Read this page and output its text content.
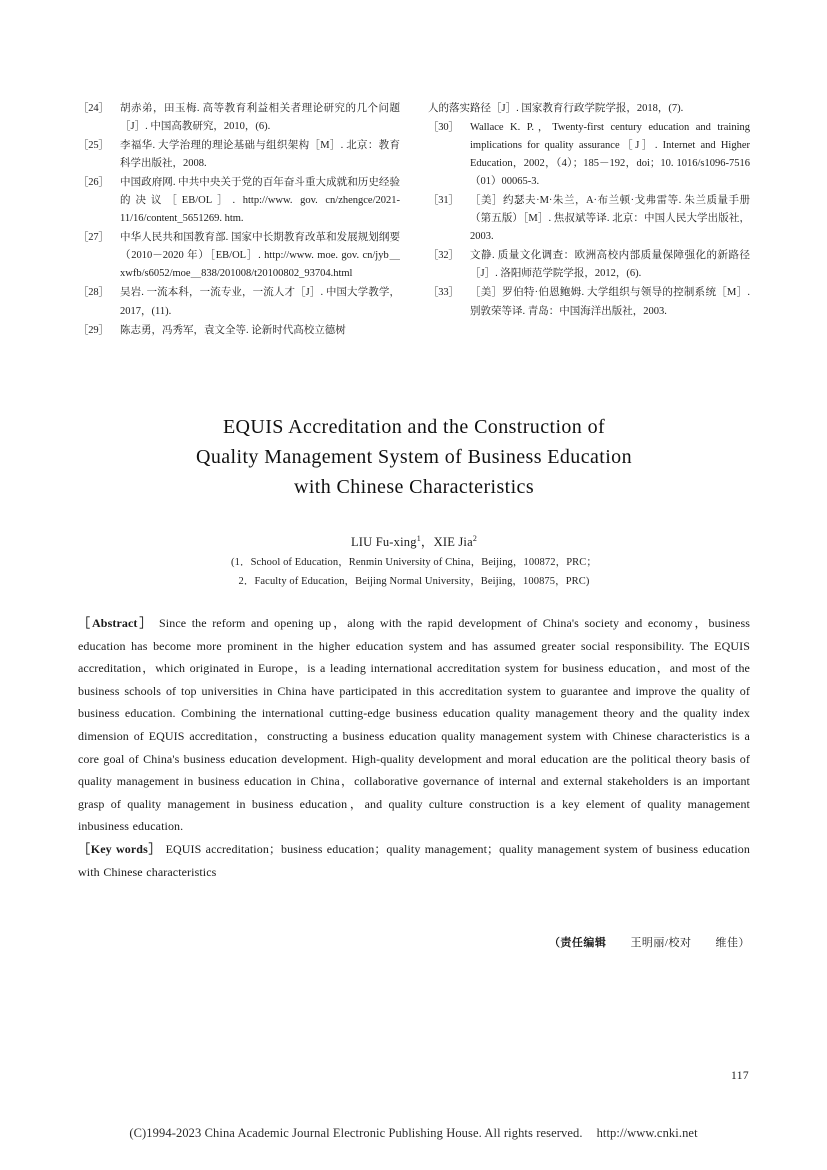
［24］	胡赤弟，田玉梅. 高等教育利益相关者理论研究的几个问题［J］. 中国高教研究，2010，(6).
［25］	李福华. 大学治理的理论基础与组织架构［M］. 北京：教育科学出版社，2008.
［26］	中国政府网. 中共中央关于党的百年奋斗重大成就和历史经验的决议［EB/OL］. http://www. gov. cn/zhengce/2021-11/16/content_5651269. htm.
［27］	中华人民共和国教育部. 国家中长期教育改革和发展规划纲要（2010－2020 年）［EB/OL］. http://www. moe. gov. cn/jyb＿xwfb/s6052/moe＿838/201008/t20100802_93704.html
［28］	吴岩. 一流本科，一流专业，一流人才［J］. 中国大学教学，2017，(11).
［29］	陈志勇，冯秀军，袁文全等. 论新时代高校立德树
人的落实路径［J］. 国家教育行政学院学报，2018，(7).
［30］	Wallace K. P.，Twenty-first century education and training implications for quality assurance［J］. Internet and Higher Education，2002，（4）；185－192，doi；10. 1016/s1096-7516（01）00065-3.
［31］	［美］约瑟夫·M·朱兰，A·布兰顿·戈弗雷等. 朱兰质量手册（第五版）［M］. 焦叔斌等译. 北京：中国人民大学出版社，2003.
［32］	文静. 质量文化调查：欧洲高校内部质量保障强化的新路径［J］. 洛阳师范学院学报，2012，(6).
［33］	［美］罗伯特·伯恩鲍姆. 大学组织与领导的控制系统［M］. 别敦荣等译. 青岛：中国海洋出版社，2003.
EQUIS Accreditation and the Construction of
Quality Management System of Business Education
with Chinese Characteristics
LIU Fu-xing$^1$，XIE Jia$^2$
(1．School of Education，Renmin University of China，Beijing，100872，PRC；
2．Faculty of Education，Beijing Normal University，Beijing，100875，PRC)
［Abstract］ Since the reform and opening up，along with the rapid development of China's society and economy，business education has become more prominent in the higher education system and has assumed greater social responsibility. The EQUIS accreditation，which originated in Europe，is a leading international accreditation system for business education，and most of the business schools of top universities in China have participated in this accreditation system to guarantee and improve the quality of business education. Combining the international cutting-edge business education quality management theory and the quality index dimension of EQUIS accreditation，constructing a business education quality management system with Chinese characteristics is a core goal of China's business education development. High-quality development and moral education are the political theory basis of quality management in business education in China，collaborative governance of internal and external stakeholders is an important grasp of quality management in business education，and quality culture construction is a key element of quality management inbusiness education.
［Key words］ EQUIS accreditation；business education；quality management；quality management system of business education with Chinese characteristics
（责任编辑 王明丽/校对 维佳）
117
(C)1994-2023 China Academic Journal Electronic Publishing House. All rights reserved. http://www.cnki.net
